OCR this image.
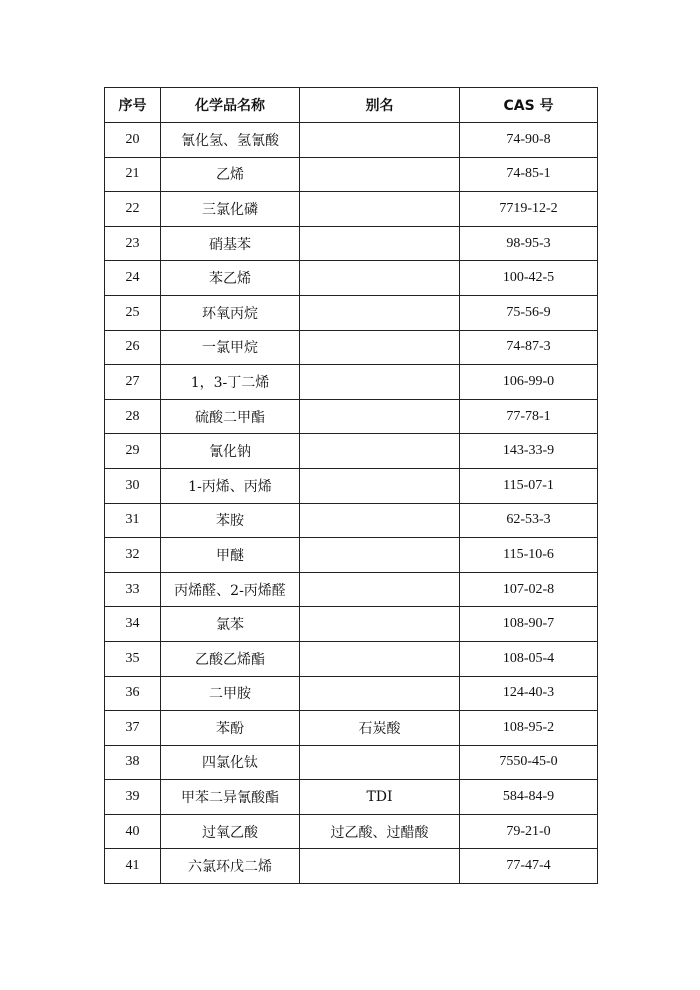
序号	化学品名称	别名	CAS 号
20	氰化氢、氢氰酸		74-90-8
21	乙烯		74-85-1
22	三氯化磷		7719-12-2
23	硝基苯		98-95-3
24	苯乙烯		100-42-5
25	环氧丙烷		75-56-9
26	一氯甲烷		74-87-3
27	1，3-丁二烯		106-99-0
28	硫酸二甲酯		77-78-1
29	氰化钠		143-33-9
30	1-丙烯、丙烯		115-07-1
31	苯胺		62-53-3
32	甲醚		115-10-6
33	丙烯醛、2-丙烯醛		107-02-8
34	氯苯		108-90-7
35	乙酸乙烯酯		108-05-4
36	二甲胺		124-40-3
37	苯酚	石炭酸	108-95-2
38	四氯化钛		7550-45-0
39	甲苯二异氰酸酯	TDI	584-84-9
40	过氧乙酸	过乙酸、过醋酸	79-21-0
41	六氯环戊二烯		77-47-4
